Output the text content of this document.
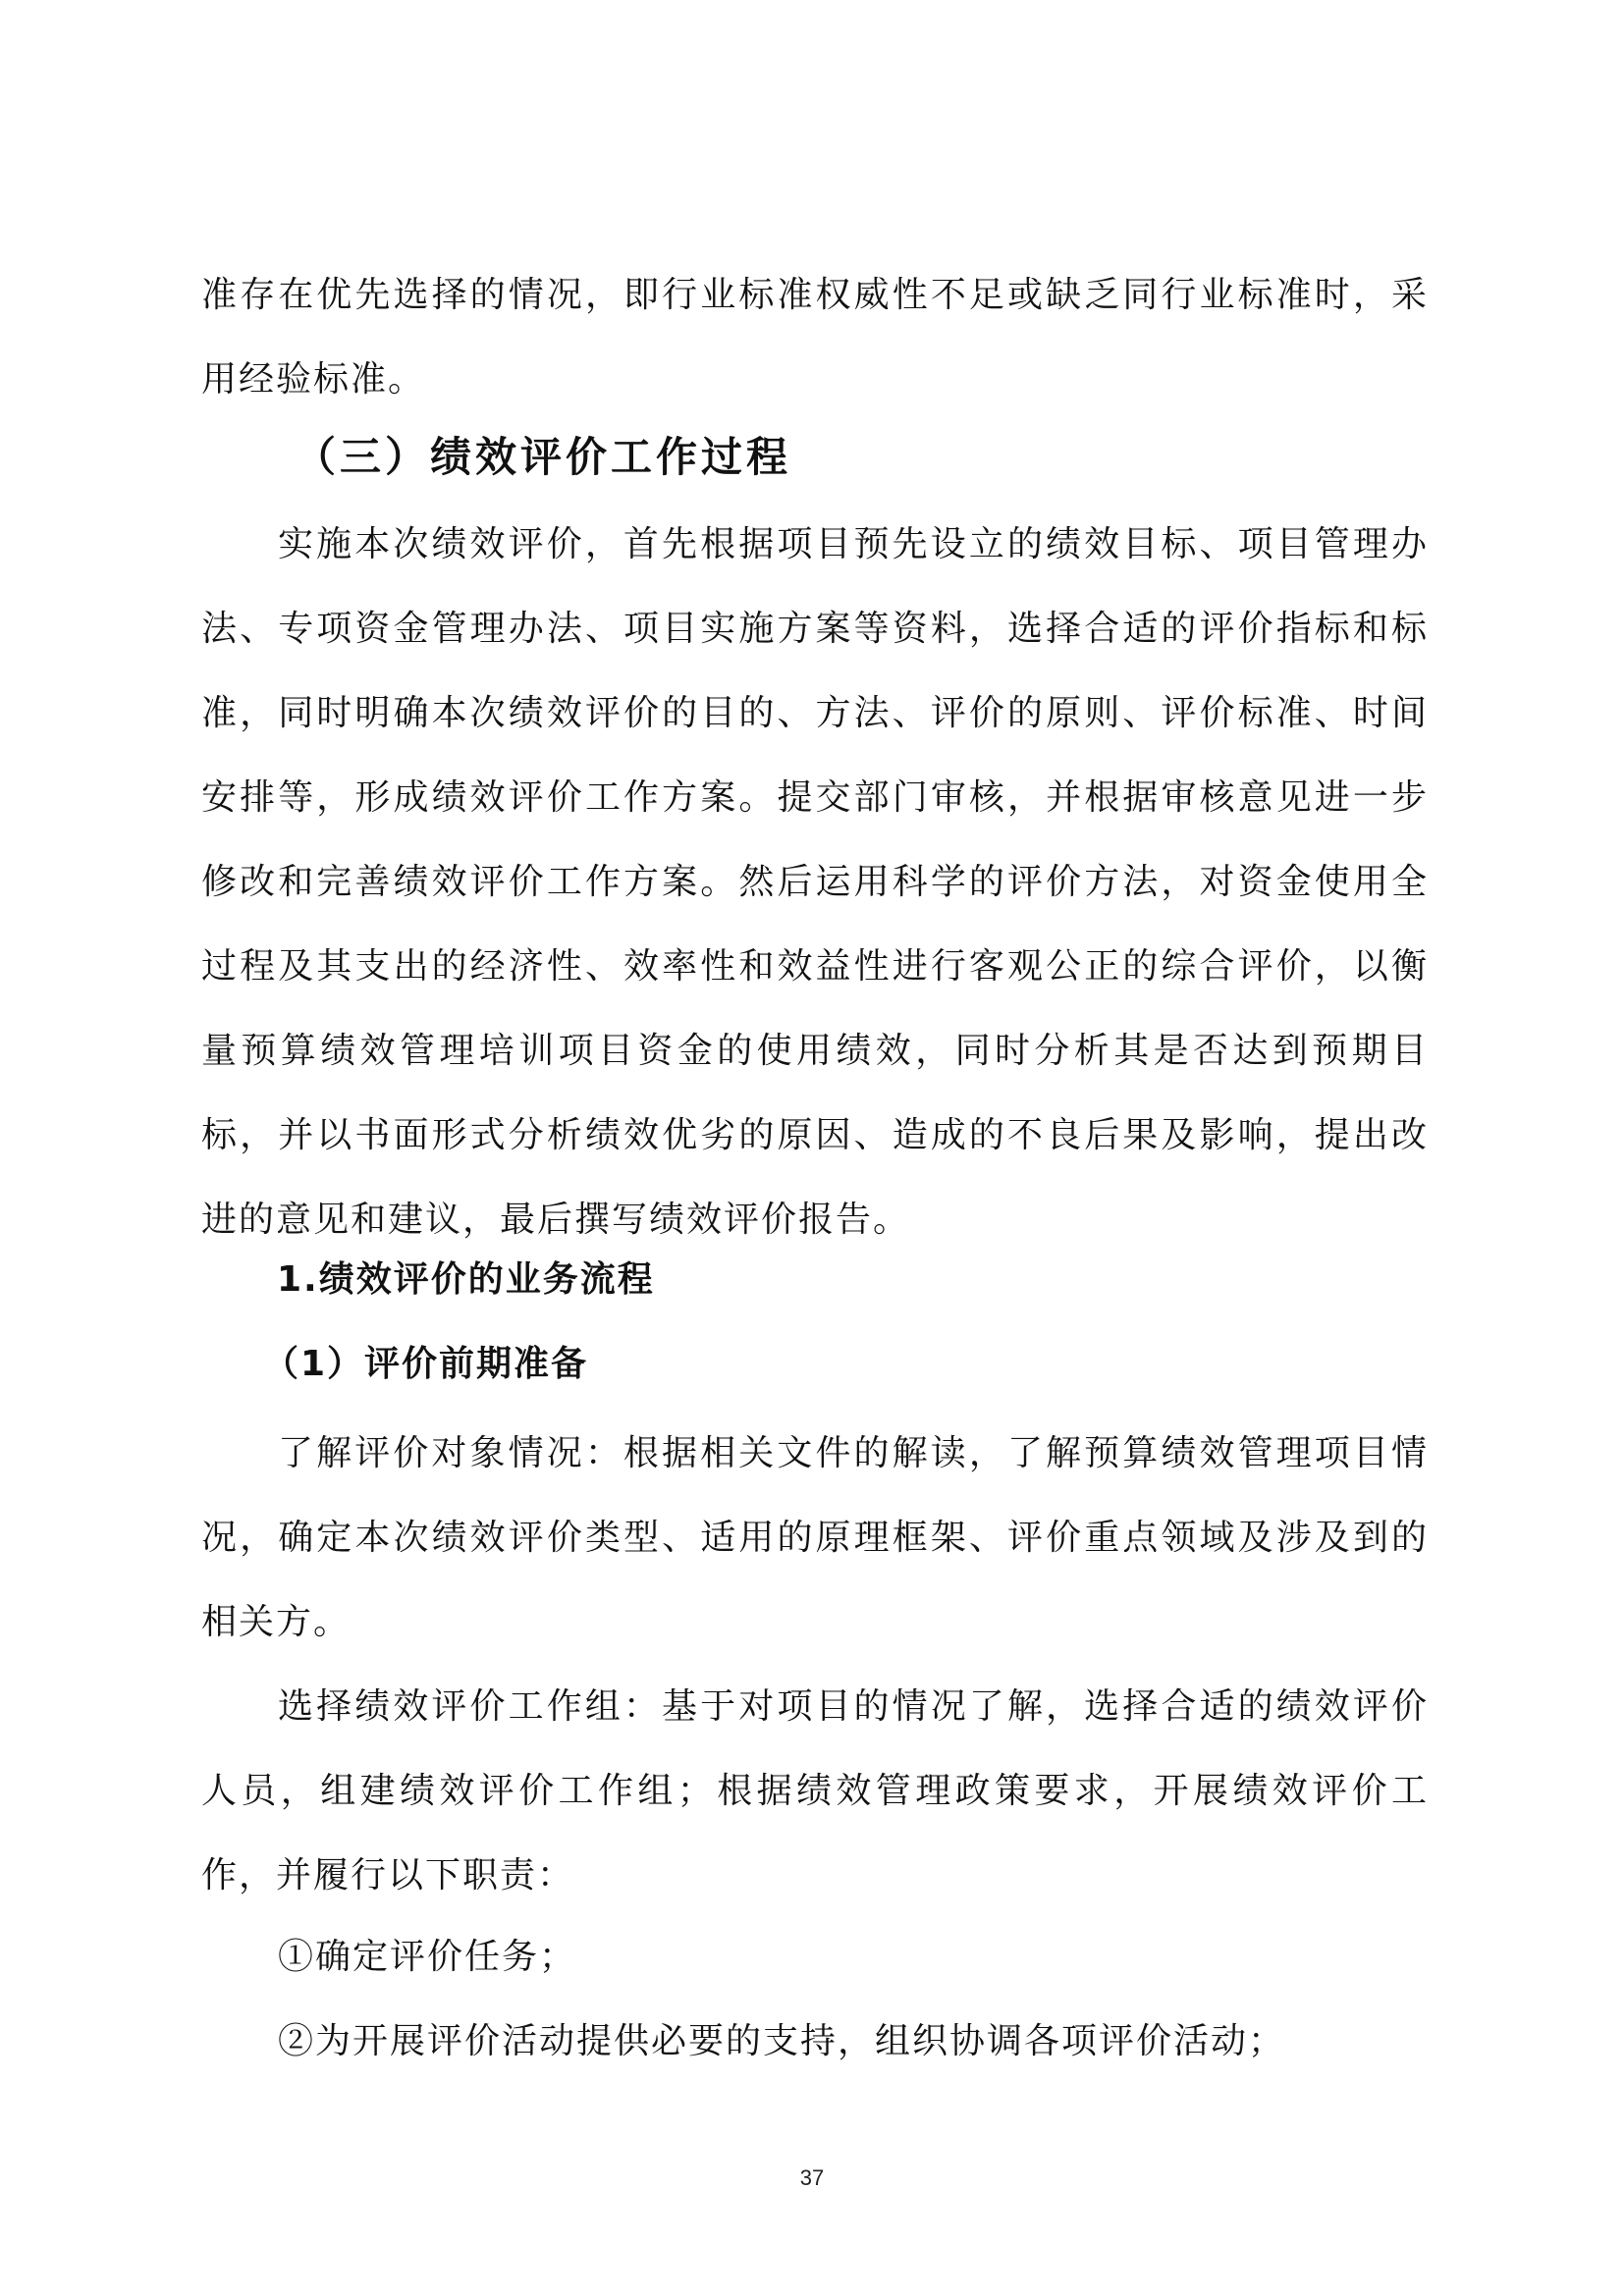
准存在优先选择的情况，即行业标准权威性不足或缺乏同行业标准时，采用经验标准。

（三）绩效评价工作过程

实施本次绩效评价，首先根据项目预先设立的绩效目标、项目管理办法、专项资金管理办法、项目实施方案等资料，选择合适的评价指标和标准，同时明确本次绩效评价的目的、方法、评价的原则、评价标准、时间安排等，形成绩效评价工作方案。提交部门审核，并根据审核意见进一步修改和完善绩效评价工作方案。然后运用科学的评价方法，对资金使用全过程及其支出的经济性、效率性和效益性进行客观公正的综合评价，以衡量预算绩效管理培训项目资金的使用绩效，同时分析其是否达到预期目标，并以书面形式分析绩效优劣的原因、造成的不良后果及影响，提出改进的意见和建议，最后撰写绩效评价报告。

1.绩效评价的业务流程
（1）评价前期准备

了解评价对象情况：根据相关文件的解读，了解预算绩效管理项目情况，确定本次绩效评价类型、适用的原理框架、评价重点领域及涉及到的相关方。

选择绩效评价工作组：基于对项目的情况了解，选择合适的绩效评价人员，组建绩效评价工作组；根据绩效管理政策要求，开展绩效评价工作，并履行以下职责：

①确定评价任务；

②为开展评价活动提供必要的支持，组织协调各项评价活动；

37
